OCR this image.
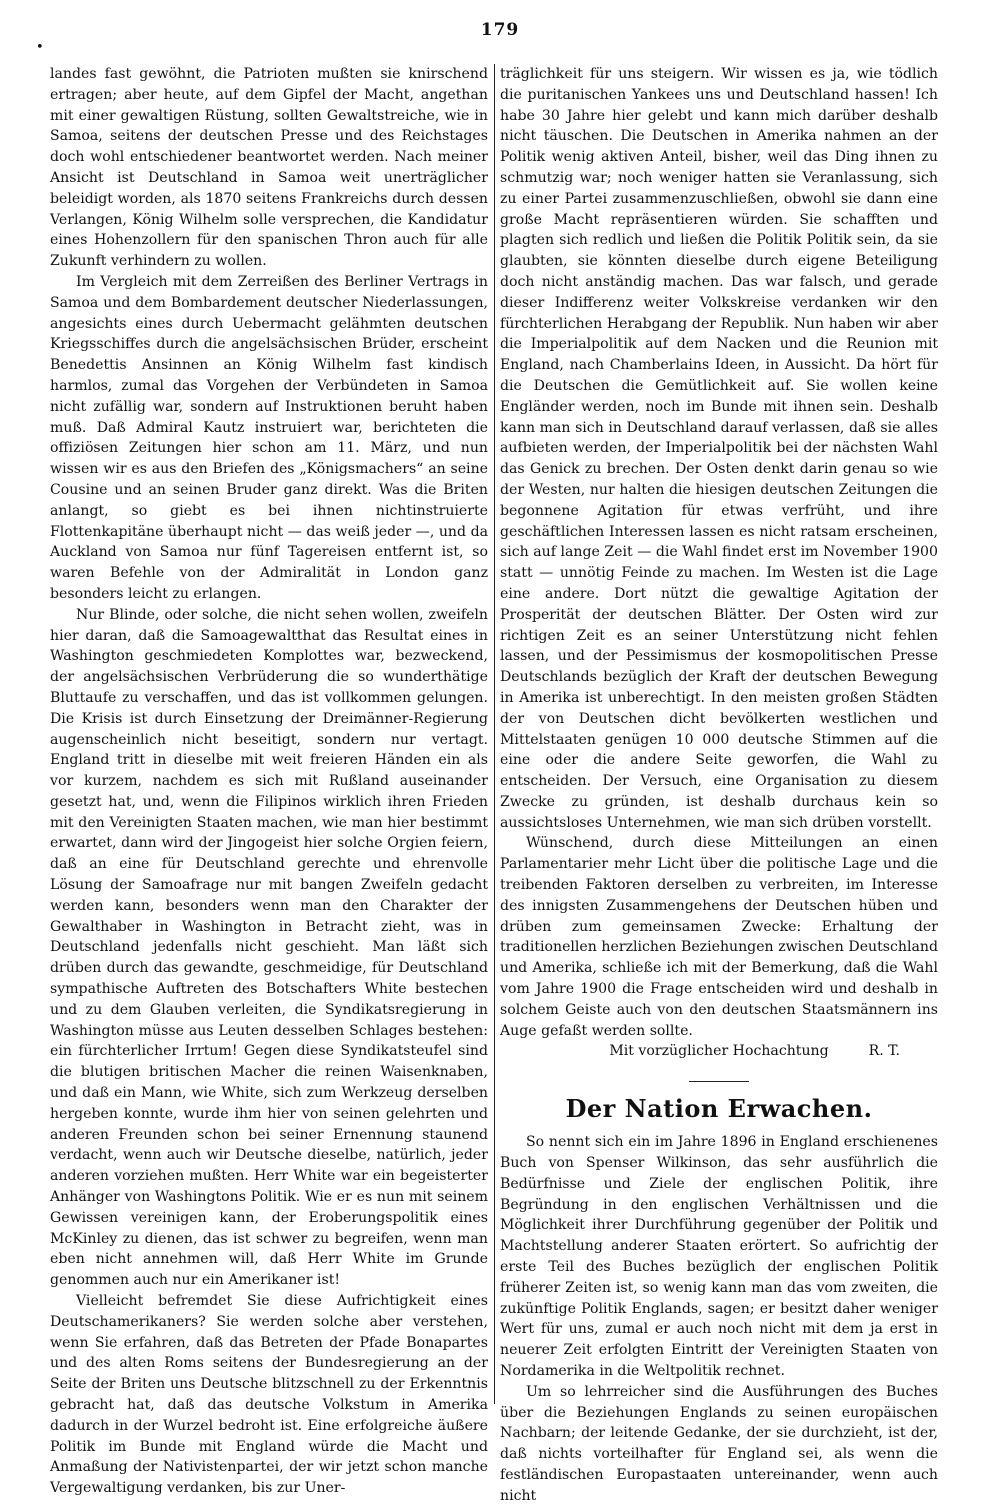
179
•

landes fast gewöhnt, die Patrioten mußten sie knirschend ertragen; aber heute, auf dem Gipfel der Macht, angethan mit einer gewaltigen Rüstung, sollten Gewaltstreiche, wie in Samoa, seitens der deutschen Presse und des Reichstages doch wohl entschiedener beantwortet werden. Nach meiner Ansicht ist Deutschland in Samoa weit unerträglicher beleidigt worden, als 1870 seitens Frankreichs durch dessen Verlangen, König Wilhelm solle versprechen, die Kandidatur eines Hohenzollern für den spanischen Thron auch für alle Zukunft verhindern zu wollen.

Im Vergleich mit dem Zerreißen des Berliner Vertrags in Samoa und dem Bombardement deutscher Niederlassungen, angesichts eines durch Uebermacht gelähmten deutschen Kriegsschiffes durch die angelsächsischen Brüder, erscheint Benedettis Ansinnen an König Wilhelm fast kindisch harmlos, zumal das Vorgehen der Verbündeten in Samoa nicht zufällig war, sondern auf Instruktionen beruht haben muß. Daß Admiral Kautz instruiert war, berichteten die offiziösen Zeitungen hier schon am 11. März, und nun wissen wir es aus den Briefen des „Königsmachers“ an seine Cousine und an seinen Bruder ganz direkt. Was die Briten anlangt, so giebt es bei ihnen nichtinstruierte Flottenkapitäne überhaupt nicht — das weiß jeder —, und da Auckland von Samoa nur fünf Tagereisen entfernt ist, so waren Befehle von der Admiralität in London ganz besonders leicht zu erlangen.

Nur Blinde, oder solche, die nicht sehen wollen, zweifeln hier daran, daß die Samoagewaltthat das Resultat eines in Washington geschmiedeten Komplottes war, bezweckend, der angelsächsischen Verbrüderung die so wunderthätige Bluttaufe zu verschaffen, und das ist vollkommen gelungen. Die Krisis ist durch Einsetzung der Dreimänner-Regierung augenscheinlich nicht beseitigt, sondern nur vertagt. England tritt in dieselbe mit weit freieren Händen ein als vor kurzem, nachdem es sich mit Rußland auseinander gesetzt hat, und, wenn die Filipinos wirklich ihren Frieden mit den Vereinigten Staaten machen, wie man hier bestimmt erwartet, dann wird der Jingogeist hier solche Orgien feiern, daß an eine für Deutschland gerechte und ehrenvolle Lösung der Samoafrage nur mit bangen Zweifeln gedacht werden kann, besonders wenn man den Charakter der Gewalthaber in Washington in Betracht zieht, was in Deutschland jedenfalls nicht geschieht. Man läßt sich drüben durch das gewandte, geschmeidige, für Deutschland sympathische Auftreten des Botschafters White bestechen und zu dem Glauben verleiten, die Syndikatsregierung in Washington müsse aus Leuten desselben Schlages bestehen: ein fürchterlicher Irrtum! Gegen diese Syndikatsteufel sind die blutigen britischen Macher die reinen Waisenknaben, und daß ein Mann, wie White, sich zum Werkzeug derselben hergeben konnte, wurde ihm hier von seinen gelehrten und anderen Freunden schon bei seiner Ernennung staunend verdacht, wenn auch wir Deutsche dieselbe, natürlich, jeder anderen vorziehen mußten. Herr White war ein begeisterter Anhänger von Washingtons Politik. Wie er es nun mit seinem Gewissen vereinigen kann, der Eroberungspolitik eines McKinley zu dienen, das ist schwer zu begreifen, wenn man eben nicht annehmen will, daß Herr White im Grunde genommen auch nur ein Amerikaner ist!

Vielleicht befremdet Sie diese Aufrichtigkeit eines Deutschamerikaners? Sie werden solche aber verstehen, wenn Sie erfahren, daß das Betreten der Pfade Bonapartes und des alten Roms seitens der Bundesregierung an der Seite der Briten uns Deutsche blitzschnell zu der Erkenntnis gebracht hat, daß das deutsche Volkstum in Amerika dadurch in der Wurzel bedroht ist. Eine erfolgreiche äußere Politik im Bunde mit England würde die Macht und Anmaßung der Nativistenpartei, der wir jetzt schon manche Vergewaltigung verdanken, bis zur Uner-

träglichkeit für uns steigern. Wir wissen es ja, wie tödlich die puritanischen Yankees uns und Deutschland hassen! Ich habe 30 Jahre hier gelebt und kann mich darüber deshalb nicht täuschen. Die Deutschen in Amerika nahmen an der Politik wenig aktiven Anteil, bisher, weil das Ding ihnen zu schmutzig war; noch weniger hatten sie Veranlassung, sich zu einer Partei zusammenzuschließen, obwohl sie dann eine große Macht repräsentieren würden. Sie schafften und plagten sich redlich und ließen die Politik Politik sein, da sie glaubten, sie könnten dieselbe durch eigene Beteiligung doch nicht anständig machen. Das war falsch, und gerade dieser Indifferenz weiter Volkskreise verdanken wir den fürchterlichen Herabgang der Republik. Nun haben wir aber die Imperialpolitik auf dem Nacken und die Reunion mit England, nach Chamberlains Ideen, in Aussicht. Da hört für die Deutschen die Gemütlichkeit auf. Sie wollen keine Engländer werden, noch im Bunde mit ihnen sein. Deshalb kann man sich in Deutschland darauf verlassen, daß sie alles aufbieten werden, der Imperialpolitik bei der nächsten Wahl das Genick zu brechen. Der Osten denkt darin genau so wie der Westen, nur halten die hiesigen deutschen Zeitungen die begonnene Agitation für etwas verfrüht, und ihre geschäftlichen Interessen lassen es nicht ratsam erscheinen, sich auf lange Zeit — die Wahl findet erst im November 1900 statt — unnötig Feinde zu machen. Im Westen ist die Lage eine andere. Dort nützt die gewaltige Agitation der Prosperität der deutschen Blätter. Der Osten wird zur richtigen Zeit es an seiner Unterstützung nicht fehlen lassen, und der Pessimismus der kosmopolitischen Presse Deutschlands bezüglich der Kraft der deutschen Bewegung in Amerika ist unberechtigt. In den meisten großen Städten der von Deutschen dicht bevölkerten westlichen und Mittelstaaten genügen 10 000 deutsche Stimmen auf die eine oder die andere Seite geworfen, die Wahl zu entscheiden. Der Versuch, eine Organisation zu diesem Zwecke zu gründen, ist deshalb durchaus kein so aussichtsloses Unternehmen, wie man sich drüben vorstellt.

Wünschend, durch diese Mitteilungen an einen Parlamentarier mehr Licht über die politische Lage und die treibenden Faktoren derselben zu verbreiten, im Interesse des innigsten Zusammengehens der Deutschen hüben und drüben zum gemeinsamen Zwecke: Erhaltung der traditionellen herzlichen Beziehungen zwischen Deutschland und Amerika, schließe ich mit der Bemerkung, daß die Wahl vom Jahre 1900 die Frage entscheiden wird und deshalb in solchem Geiste auch von den deutschen Staatsmännern ins Auge gefaßt werden sollte.

Mit vorzüglicher Hochachtung	R. T.
Der Nation Erwachen.

So nennt sich ein im Jahre 1896 in England erschienenes Buch von Spenser Wilkinson, das sehr ausführlich die Bedürfnisse und Ziele der englischen Politik, ihre Begründung in den englischen Verhältnissen und die Möglichkeit ihrer Durchführung gegenüber der Politik und Machtstellung anderer Staaten erörtert. So aufrichtig der erste Teil des Buches bezüglich der englischen Politik früherer Zeiten ist, so wenig kann man das vom zweiten, die zukünftige Politik Englands, sagen; er besitzt daher weniger Wert für uns, zumal er auch noch nicht mit dem ja erst in neuerer Zeit erfolgten Eintritt der Vereinigten Staaten von Nordamerika in die Weltpolitik rechnet.

Um so lehrreicher sind die Ausführungen des Buches über die Beziehungen Englands zu seinen europäischen Nachbarn; der leitende Gedanke, der sie durchzieht, ist der, daß nichts vorteilhafter für England sei, als wenn die festländischen Europastaaten untereinander, wenn auch nicht
